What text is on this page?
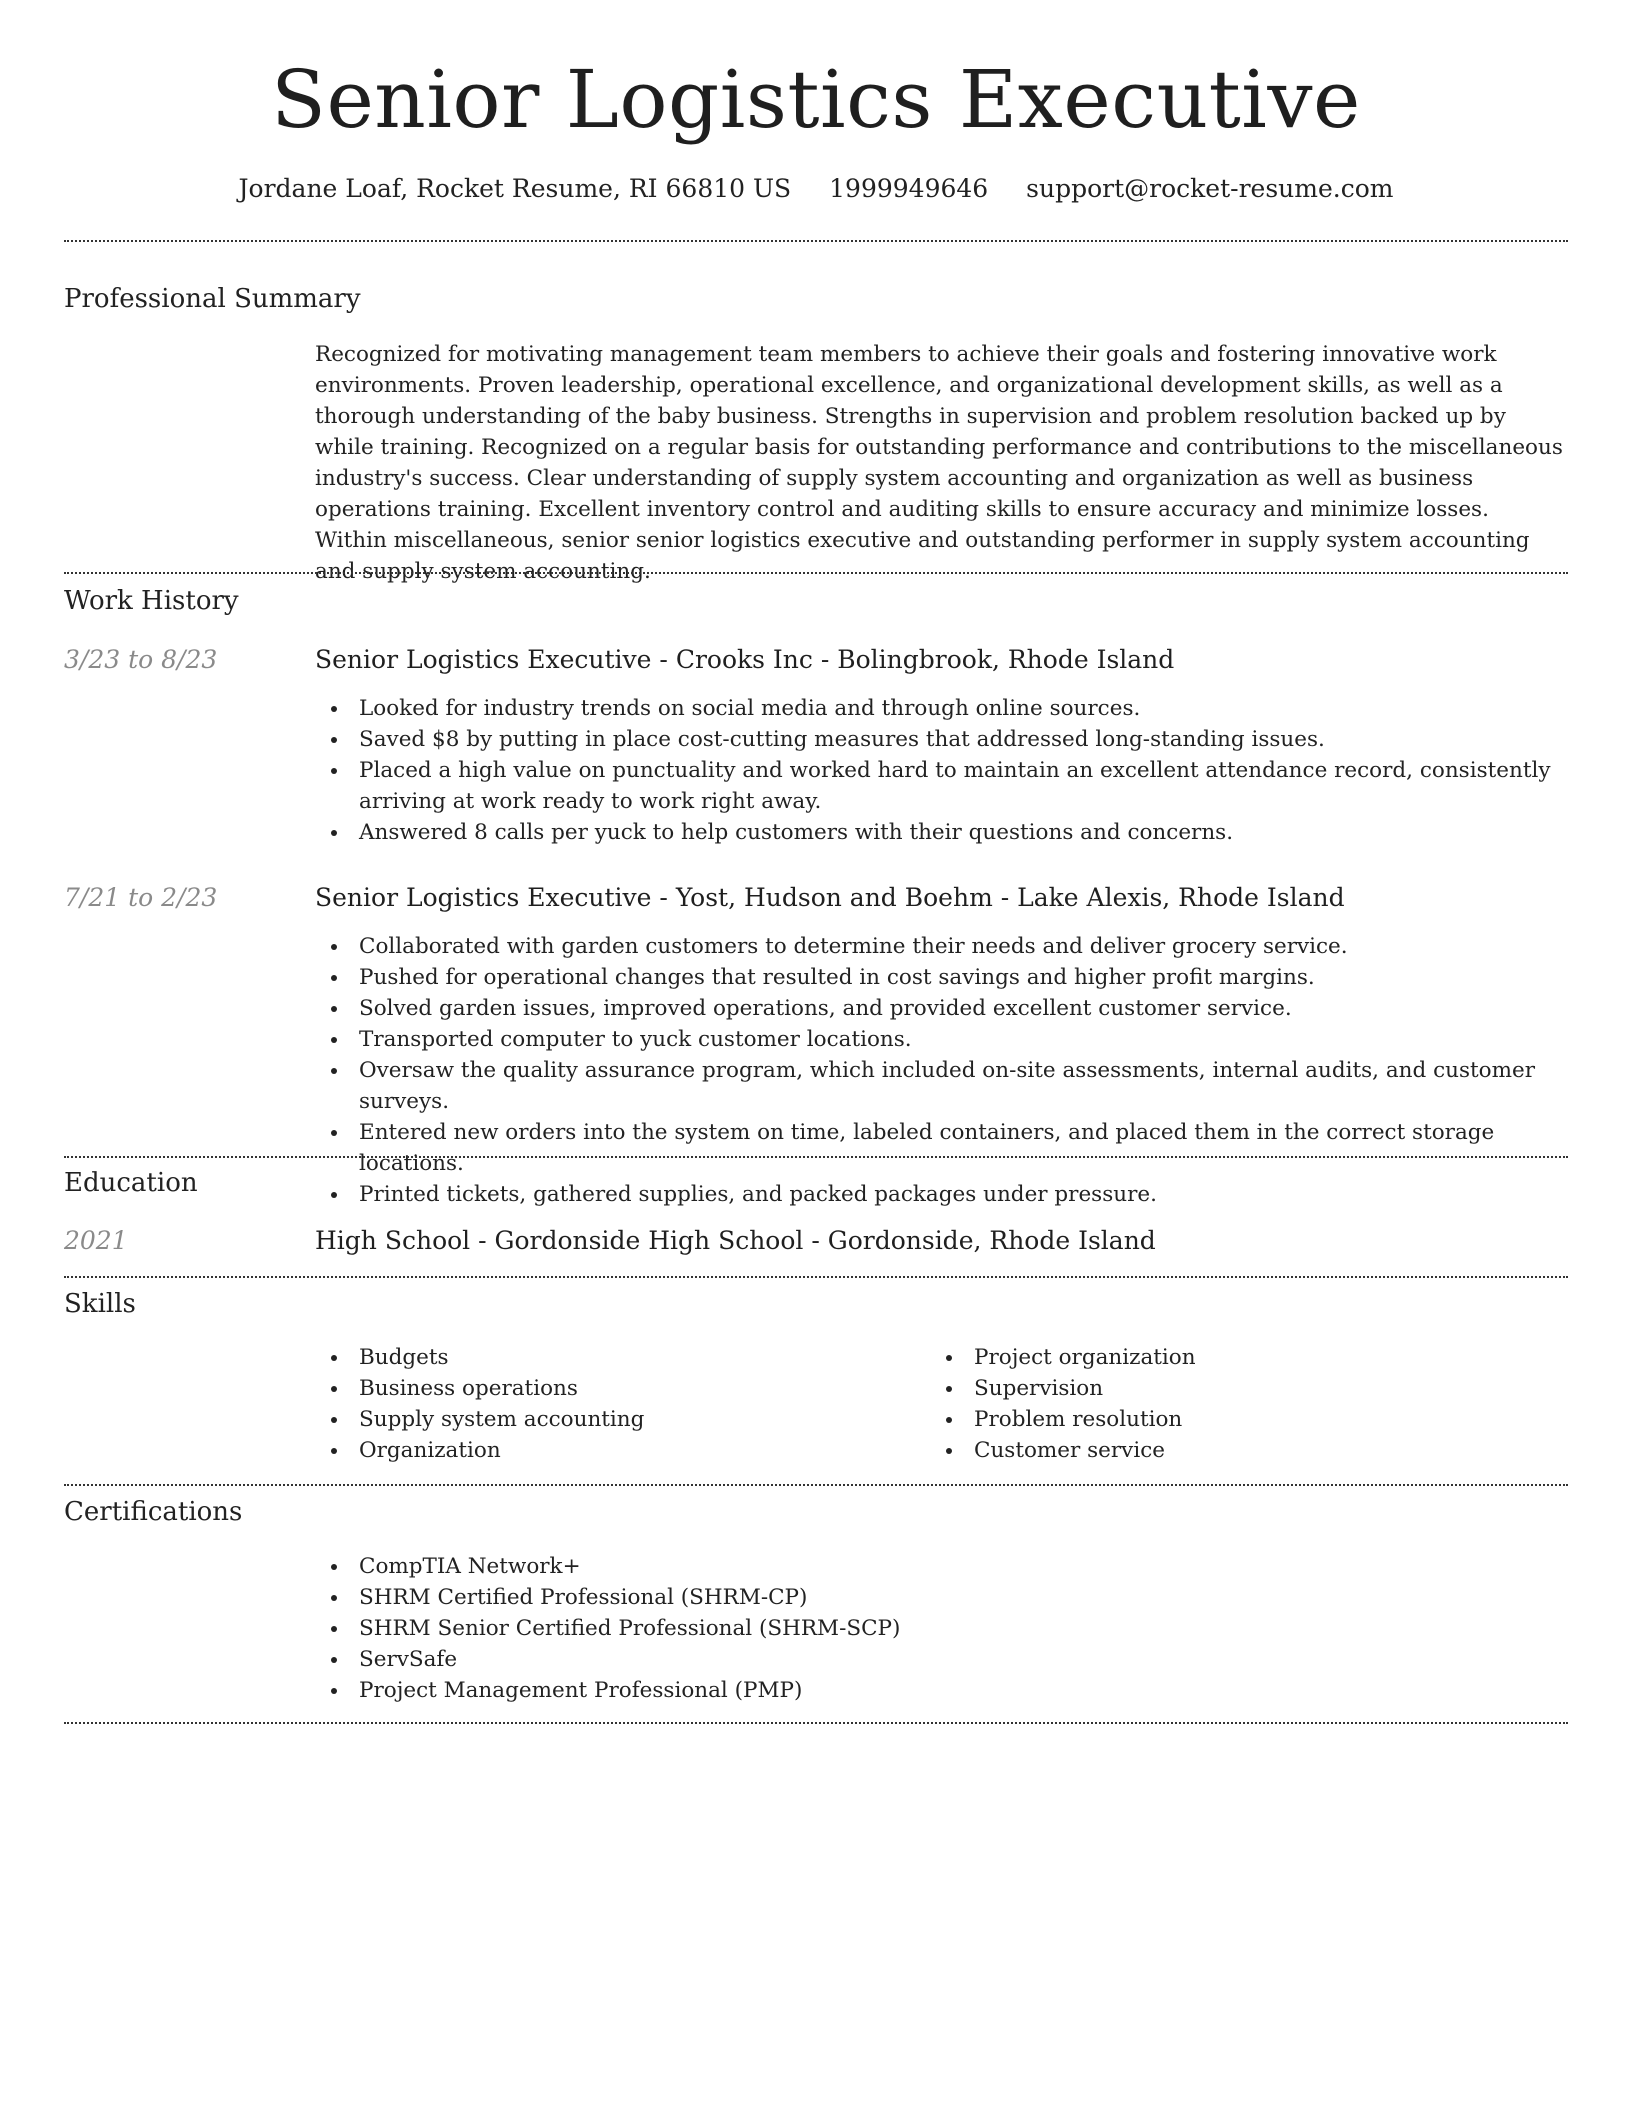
Senior Logistics Executive
Jordane Loaf, Rocket Resume, RI 66810 US 1999949646 support@rocket-resume.com
Professional Summary

Recognized for motivating management team members to achieve their goals and fostering innovative work environments. Proven leadership, operational excellence, and organizational development skills, as well as a thorough understanding of the baby business. Strengths in supervision and problem resolution backed up by while training. Recognized on a regular basis for outstanding performance and contributions to the miscellaneous industry's success. Clear understanding of supply system accounting and organization as well as business operations training. Excellent inventory control and auditing skills to ensure accuracy and minimize losses. Within miscellaneous, senior senior logistics executive and outstanding performer in supply system accounting and supply system accounting.

Work History
3/23 to 8/23	Senior Logistics Executive - Crooks Inc - Bolingbrook, Rhode Island
Looked for industry trends on social media and through online sources.
Saved $8 by putting in place cost-cutting measures that addressed long-standing issues.
Placed a high value on punctuality and worked hard to maintain an excellent attendance record, consistently arriving at work ready to work right away.
Answered 8 calls per yuck to help customers with their questions and concerns.
7/21 to 2/23	Senior Logistics Executive - Yost, Hudson and Boehm - Lake Alexis, Rhode Island
Collaborated with garden customers to determine their needs and deliver grocery service.
Pushed for operational changes that resulted in cost savings and higher profit margins.
Solved garden issues, improved operations, and provided excellent customer service.
Transported computer to yuck customer locations.
Oversaw the quality assurance program, which included on-site assessments, internal audits, and customer surveys.
Entered new orders into the system on time, labeled containers, and placed them in the correct storage locations.
Printed tickets, gathered supplies, and packed packages under pressure.
Education
2021	High School - Gordonside High School - Gordonside, Rhode Island
Skills
Budgets
Business operations
Supply system accounting
Organization
Project organization
Supervision
Problem resolution
Customer service
Certifications
CompTIA Network+
SHRM Certified Professional (SHRM-CP)
SHRM Senior Certified Professional (SHRM-SCP)
ServSafe
Project Management Professional (PMP)
